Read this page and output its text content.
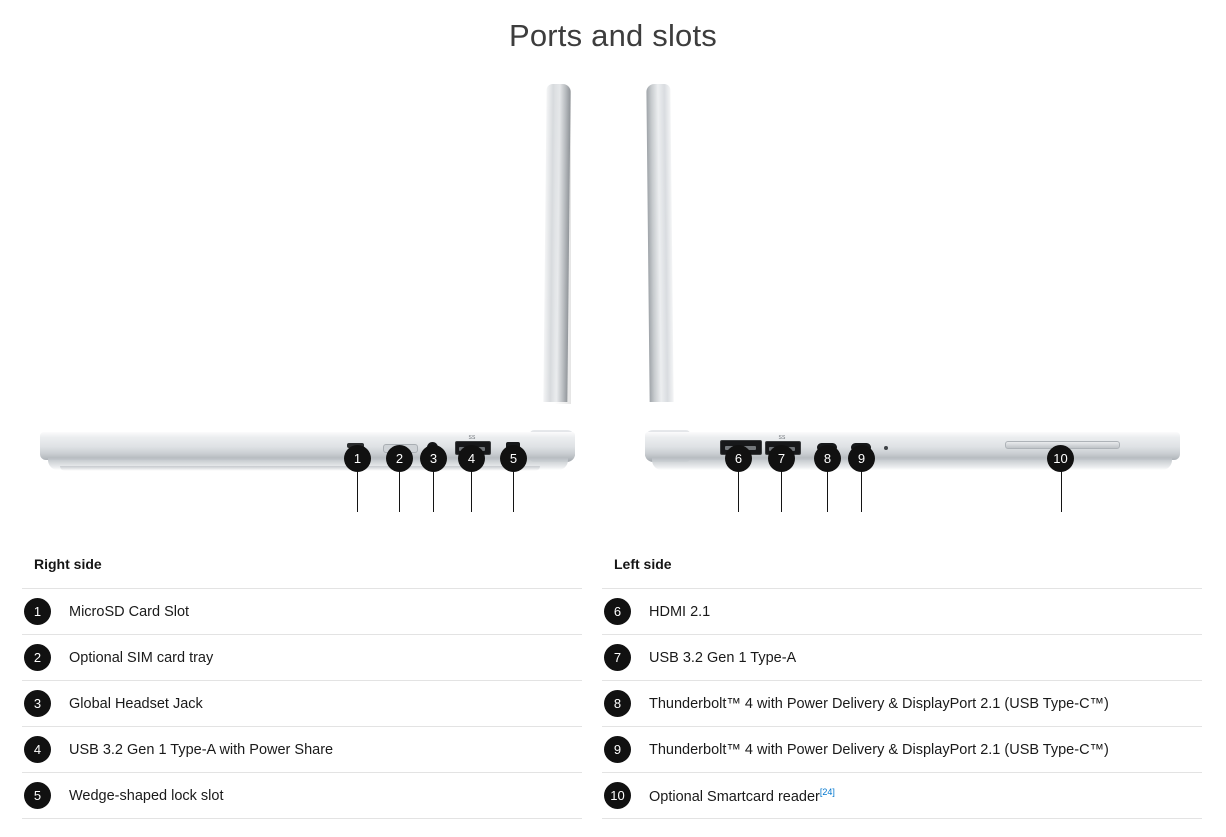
Ports and slots
SS	SS
1	2	3	4	5	6	7	8	9	10
Right side
1	MicroSD Card Slot
2	Optional SIM card tray
3	Global Headset Jack
4	USB 3.2 Gen 1 Type-A with Power Share
5	Wedge-shaped lock slot
Left side
6	HDMI 2.1
7	USB 3.2 Gen 1 Type-A
8	Thunderbolt™ 4 with Power Delivery & DisplayPort 2.1 (USB Type-C™)
9	Thunderbolt™ 4 with Power Delivery & DisplayPort 2.1 (USB Type-C™)
10	Optional Smartcard reader[24]
